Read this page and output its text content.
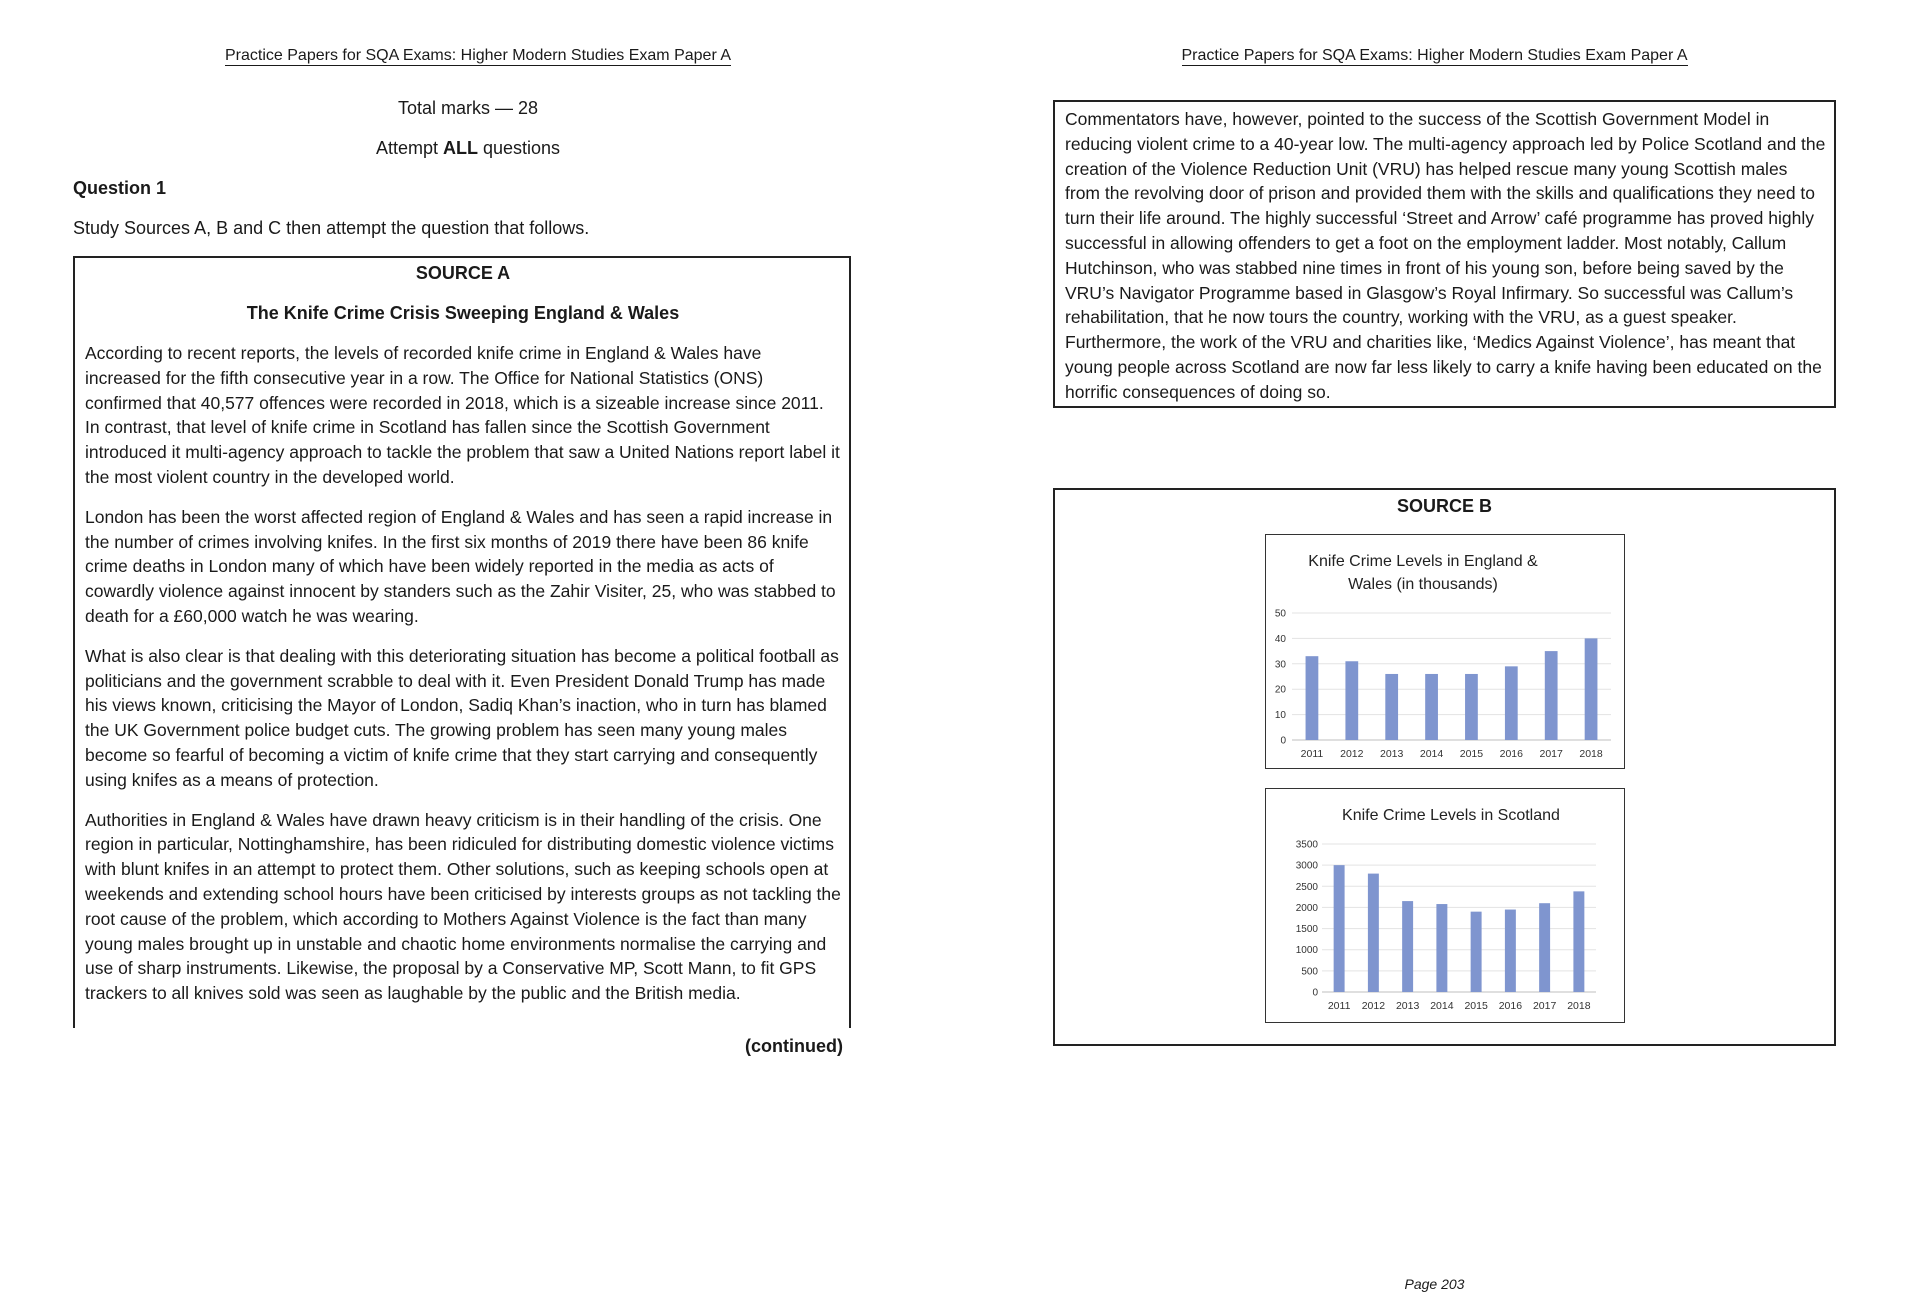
Practice Papers for SQA Exams: Higher Modern Studies Exam Paper A
Total marks — 28
Attempt ALL questions
Question 1
Study Sources A, B and C then attempt the question that follows.
SOURCE A
The Knife Crime Crisis Sweeping England & Wales

According to recent reports, the levels of recorded knife crime in England & Wales have increased for the fifth consecutive year in a row. The Office for National Statistics (ONS) confirmed that 40,577 offences were recorded in 2018, which is a sizeable increase since 2011. In contrast, that level of knife crime in Scotland has fallen since the Scottish Government introduced it multi-agency approach to tackle the problem that saw a United Nations report label it the most violent country in the developed world.

London has been the worst affected region of England & Wales and has seen a rapid increase in the number of crimes involving knifes. In the first six months of 2019 there have been 86 knife crime deaths in London many of which have been widely reported in the media as acts of cowardly violence against innocent by standers such as the Zahir Visiter, 25, who was stabbed to death for a £60,000 watch he was wearing.

What is also clear is that dealing with this deteriorating situation has become a political football as politicians and the government scrabble to deal with it. Even President Donald Trump has made his views known, criticising the Mayor of London, Sadiq Khan’s inaction, who in turn has blamed the UK Government police budget cuts. The growing problem has seen many young males become so fearful of becoming a victim of knife crime that they start carrying and consequently using knifes as a means of protection.

Authorities in England & Wales have drawn heavy criticism is in their handling of the crisis. One region in particular, Nottinghamshire, has been ridiculed for distributing domestic violence victims with blunt knifes in an attempt to protect them. Other solutions, such as keeping schools open at weekends and extending school hours have been criticised by interests groups as not tackling the root cause of the problem, which according to Mothers Against Violence is the fact than many young males brought up in unstable and chaotic home environments normalise the carrying and use of sharp instruments. Likewise, the proposal by a Conservative MP, Scott Mann, to fit GPS trackers to all knives sold was seen as laughable by the public and the British media.

(continued)
Practice Papers for SQA Exams: Higher Modern Studies Exam Paper A

Commentators have, however, pointed to the success of the Scottish Government Model in reducing violent crime to a 40-year low. The multi-agency approach led by Police Scotland and the creation of the Violence Reduction Unit (VRU) has helped rescue many young Scottish males from the revolving door of prison and provided them with the skills and qualifications they need to turn their life around. The highly successful ‘Street and Arrow’ café programme has proved highly successful in allowing offenders to get a foot on the employment ladder. Most notably, Callum Hutchinson, who was stabbed nine times in front of his young son, before being saved by the VRU’s Navigator Programme based in Glasgow’s Royal Infirmary. So successful was Callum’s rehabilitation, that he now tours the country, working with the VRU, as a guest speaker. Furthermore, the work of the VRU and charities like, ‘Medics Against Violence’, has meant that young people across Scotland are now far less likely to carry a knife having been educated on the horrific consequences of doing so.

SOURCE B
Knife Crime Levels in England &
Wales (in thousands)
0
10
20
30
40
50
2011 2012 2013 2014 2015 2016 2017 2018
Knife Crime Levels in Scotland
0
500
1000
1500
2000
2500
3000
3500
2011 2012 2013 2014 2015 2016 2017 2018
Page 203
